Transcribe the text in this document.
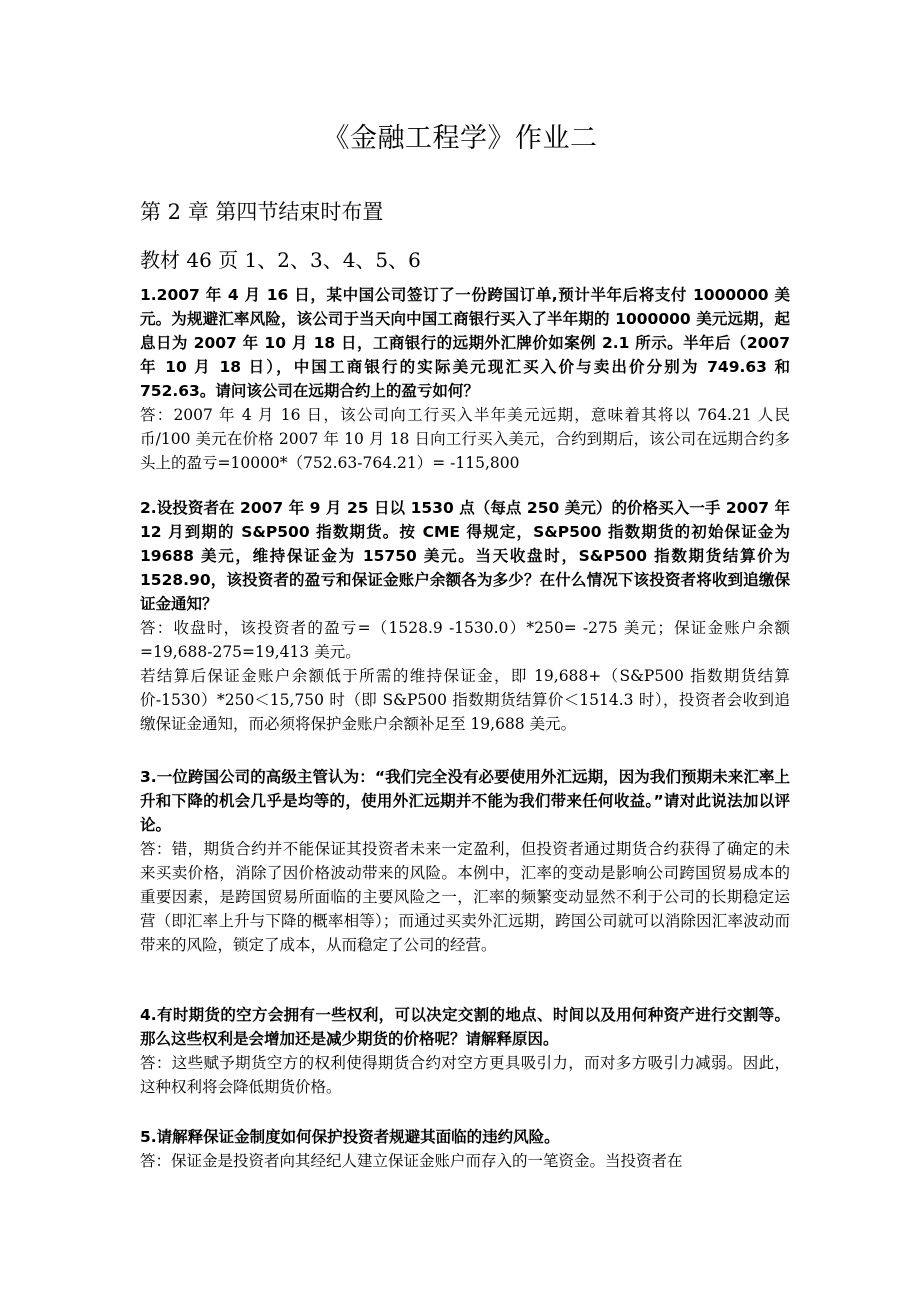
《金融工程学》作业二
第 2 章 第四节结束时布置
教材 46 页 1、2、3、4、5、6

1.2007 年 4 月 16 日，某中国公司签订了一份跨国订单,预计半年后将支付 1000000 美元。为规避汇率风险，该公司于当天向中国工商银行买入了半年期的 1000000 美元远期，起息日为 2007 年 10 月 18 日，工商银行的远期外汇牌价如案例 2.1 所示。半年后（2007 年 10 月 18 日），中国工商银行的实际美元现汇买入价与卖出价分别为 749.63 和 752.63。请问该公司在远期合约上的盈亏如何？

答：2007 年 4 月 16 日，该公司向工行买入半年美元远期，意味着其将以 764.21 人民币/100 美元在价格 2007 年 10 月 18 日向工行买入美元，合约到期后，该公司在远期合约多头上的盈亏=10000*（752.63-764.21）= -115,800

2.设投资者在 2007 年 9 月 25 日以 1530 点（每点 250 美元）的价格买入一手 2007 年 12 月到期的 S&P500 指数期货。按 CME 得规定，S&P500 指数期货的初始保证金为 19688 美元，维持保证金为 15750 美元。当天收盘时，S&P500 指数期货结算价为 1528.90，该投资者的盈亏和保证金账户余额各为多少？在什么情况下该投资者将收到追缴保证金通知？

答：收盘时，该投资者的盈亏=（1528.9 -1530.0）*250= -275 美元；保证金账户余额=19,688-275=19,413 美元。

若结算后保证金账户余额低于所需的维持保证金，即 19,688+（S&P500 指数期货结算价-1530）*250＜15,750 时（即 S&P500 指数期货结算价＜1514.3 时），投资者会收到追缴保证金通知，而必须将保护金账户余额补足至 19,688 美元。

3.一位跨国公司的高级主管认为：“我们完全没有必要使用外汇远期，因为我们预期未来汇率上升和下降的机会几乎是均等的，使用外汇远期并不能为我们带来任何收益。”请对此说法加以评论。

答：错，期货合约并不能保证其投资者未来一定盈利，但投资者通过期货合约获得了确定的未来买卖价格，消除了因价格波动带来的风险。本例中，汇率的变动是影响公司跨国贸易成本的重要因素，是跨国贸易所面临的主要风险之一，汇率的频繁变动显然不利于公司的长期稳定运营（即汇率上升与下降的概率相等）；而通过买卖外汇远期，跨国公司就可以消除因汇率波动而带来的风险，锁定了成本，从而稳定了公司的经营。

4.有时期货的空方会拥有一些权利，可以决定交割的地点、时间以及用何种资产进行交割等。那么这些权利是会增加还是减少期货的价格呢？请解释原因。

答：这些赋予期货空方的权利使得期货合约对空方更具吸引力，而对多方吸引力减弱。因此，这种权利将会降低期货价格。

5.请解释保证金制度如何保护投资者规避其面临的违约风险。

答：保证金是投资者向其经纪人建立保证金账户而存入的一笔资金。当投资者在
